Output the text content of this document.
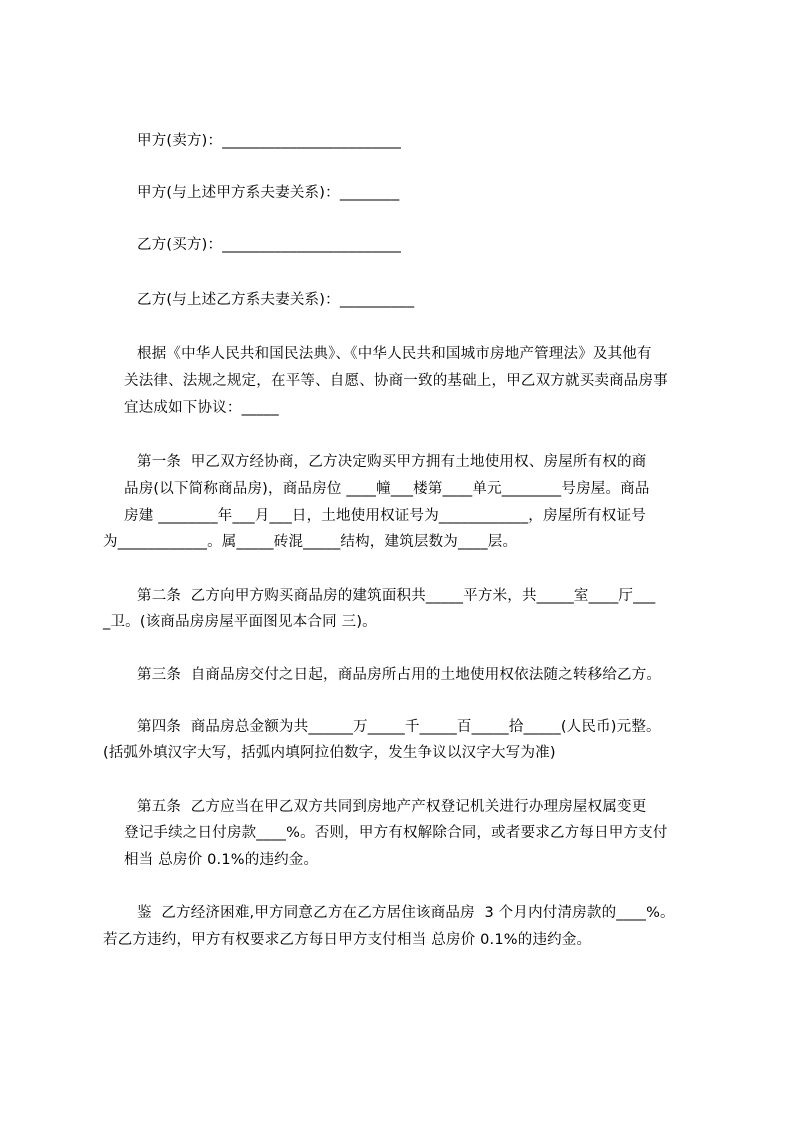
甲方(卖方)：________________________
甲方(与上述甲方系夫妻关系)：________
乙方(买方)：________________________
乙方(与上述乙方系夫妻关系)：__________
根据《中华人民共和国民法典》、《中华人民共和国城市房地产管理法》及其他有
关法律、法规之规定，在平等、自愿、协商一致的基础上，甲乙双方就买卖商品房事
宜达成如下协议：_____
第一条  甲乙双方经协商，乙方决定购买甲方拥有土地使用权、房屋所有权的商
品房(以下简称商品房)，商品房位 ____幢___楼第____单元________号房屋。商品
房建 ________年___月___日，土地使用权证号为____________，房屋所有权证号
为____________。属_____砖混_____结构，建筑层数为____层。
第二条  乙方向甲方购买商品房的建筑面积共_____平方米，共_____室____厅___
_卫。(该商品房房屋平面图见本合同 三)。
第三条  自商品房交付之日起，商品房所占用的土地使用权依法随之转移给乙方。
第四条  商品房总金额为共______万_____千_____百_____拾_____(人民币)元整。
(括弧外填汉字大写，括弧内填阿拉伯数字，发生争议以汉字大写为准)
第五条  乙方应当在甲乙双方共同到房地产产权登记机关进行办理房屋权属变更
登记手续之日付房款____%。否则，甲方有权解除合同，或者要求乙方每日甲方支付
相当 总房价 0.1%的违约金。
鉴  乙方经济困难,甲方同意乙方在乙方居住该商品房  3 个月内付清房款的____%。
若乙方违约，甲方有权要求乙方每日甲方支付相当 总房价 0.1%的违约金。
